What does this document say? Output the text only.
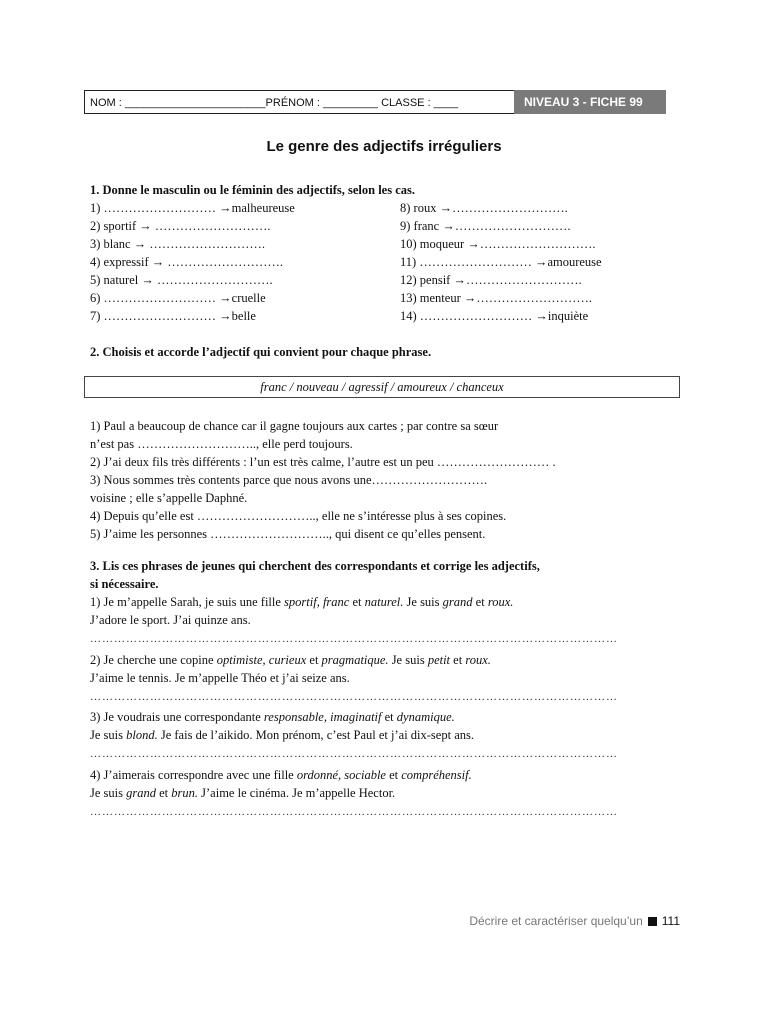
NOM : _______________________PRÉNOM : _________ CLASSE : ____	NIVEAU 3 - FICHE 99
Le genre des adjectifs irréguliers
1. Donne le masculin ou le féminin des adjectifs, selon les cas.
1) ……………………… →malheureuse
2) sportif → ……………………….
3) blanc → ……………………….
4) expressif → ……………………….
5) naturel → ……………………….
6) ……………………… →cruelle
7) ……………………… →belle
8) roux →……………………….
9) franc →……………………….
10) moqueur →……………………….
11) ……………………… →amoureuse
12) pensif →……………………….
13) menteur →……………………….
14) ……………………… →inquiète
2. Choisis et accorde l’adjectif qui convient pour chaque phrase.
franc / nouveau / agressif / amoureux / chanceux
1) Paul a beaucoup de chance car il gagne toujours aux cartes ; par contre sa sœur
n’est pas ……………………….., elle perd toujours.
2) J’ai deux fils très différents : l’un est très calme, l’autre est un peu ……………………… .
3) Nous sommes très contents parce que nous avons une……………………….
voisine ; elle s’appelle Daphné.
4) Depuis qu’elle est ……………………….., elle ne s’intéresse plus à ses copines.
5) J’aime les personnes ……………………….., qui disent ce qu’elles pensent.
3. Lis ces phrases de jeunes qui cherchent des correspondants et corrige les adjectifs,
si nécessaire.
1) Je m’appelle Sarah, je suis une fille sportif, franc et naturel. Je suis grand et roux.
J’adore le sport. J’ai quinze ans.
……………………………………………………………………………………………………………………
2) Je cherche une copine optimiste, curieux et pragmatique. Je suis petit et roux.
J’aime le tennis. Je m’appelle Théo et j’ai seize ans.
……………………………………………………………………………………………………………………
3) Je voudrais une correspondante responsable, imaginatif et dynamique.
Je suis blond. Je fais de l’aikido. Mon prénom, c’est Paul et j’ai dix-sept ans.
……………………………………………………………………………………………………………………
4) J’aimerais correspondre avec une fille ordonné, sociable et compréhensif.
Je suis grand et brun. J’aime le cinéma. Je m’appelle Hector.
……………………………………………………………………………………………………………………
Décrire et caractériser quelqu’un 111
